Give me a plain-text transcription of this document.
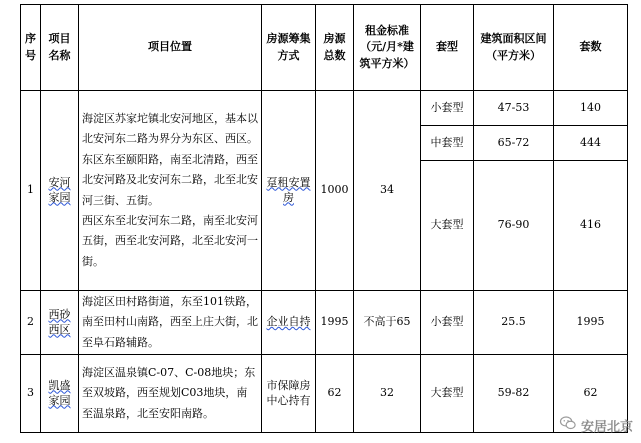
序号	项目名称	项目位置	房源筹集方式	房源总数	租金标准（元/月*建筑平方米）	套型	建筑面积区间（平方米）	套数
1	安河家园	海淀区苏家坨镇北安河地区，基本以北安河东二路为界分为东区、西区。
东区东至颐阳路，南至北清路，西至北安河路及北安河东二路，北至北安河三街、五街。
西区东至北安河东二路，南至北安河五街，西至北安河路，北至北安河一街。	趸租安置房	1000	34	小套型	47-53	140
						中套型	65-72	444
						大套型	76-90	416
2	西砂西区	海淀区田村路街道，东至101铁路，南至田村山南路，西至上庄大街，北至阜石路辅路。	企业自持	1995	不高于65	小套型	25.5	1995
3	凯盛家园	海淀区温泉镇C-07、C-08地块；东至双坡路，西至规划C03地块，南至温泉路，北至安阳南路。	市保障房中心持有	62	32	大套型	59-82	62
安居北京
